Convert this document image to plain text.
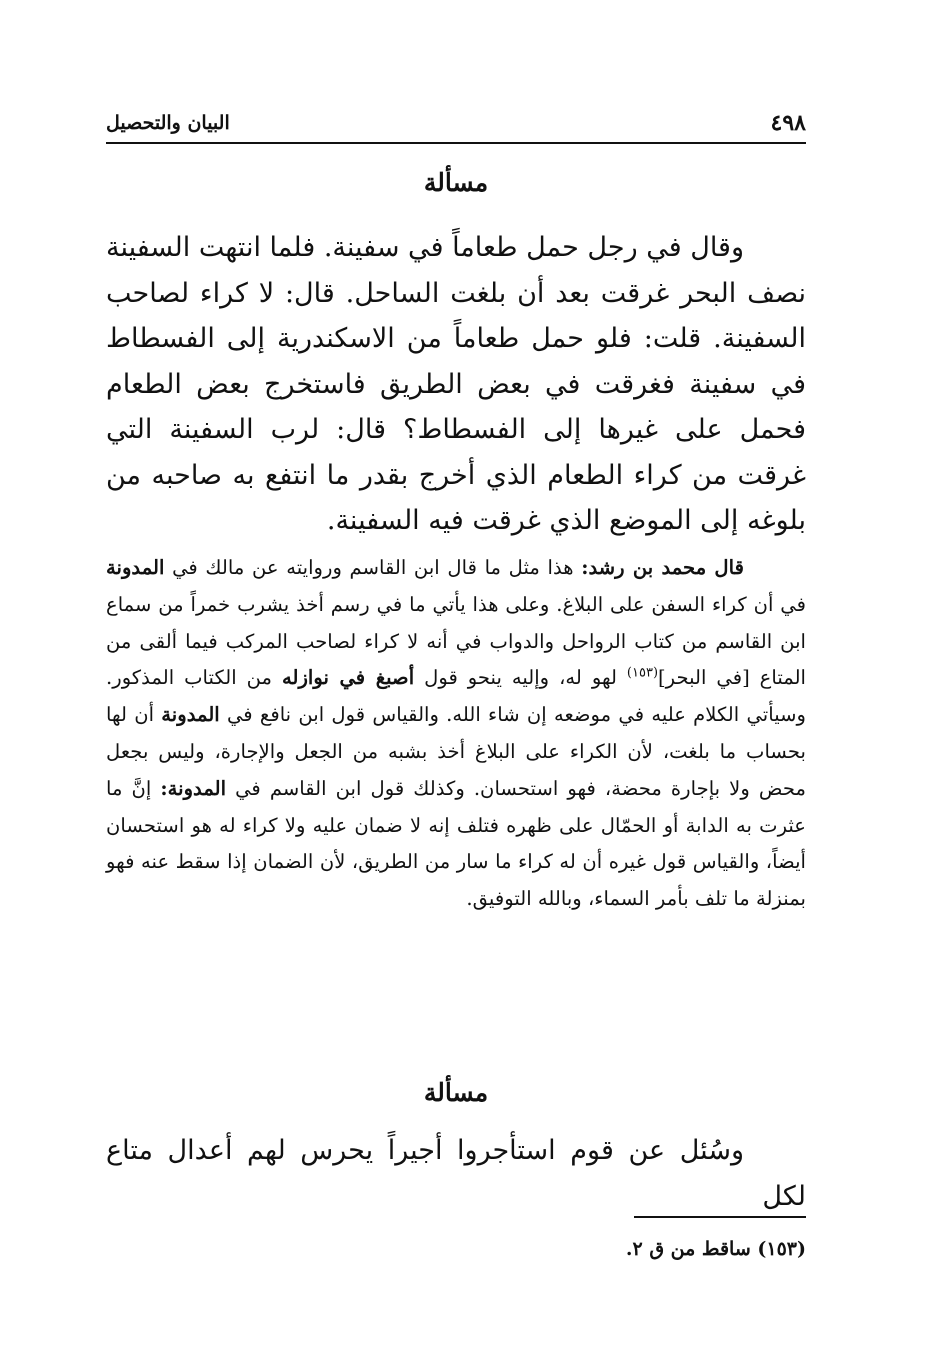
٤٩٨
البيان والتحصيل
مسألة
وقال في رجل حمل طعاماً في سفينة. فلما انتهت السفينة نصف البحر غرقت بعد أن بلغت الساحل. قال: لا كراء لصاحب السفينة. قلت: فلو حمل طعاماً من الاسكندرية إلى الفسطاط في سفينة فغرقت في بعض الطريق فاستخرج بعض الطعام فحمل على غيرها إلى الفسطاط؟ قال: لرب السفينة التي غرقت من كراء الطعام الذي أخرج بقدر ما انتفع به صاحبه من بلوغه إلى الموضع الذي غرقت فيه السفينة.
قال محمد بن رشد: هذا مثل ما قال ابن القاسم وروايته عن مالك في المدونة في أن كراء السفن على البلاغ. وعلى هذا يأتي ما في رسم أخذ يشرب خمراً من سماع ابن القاسم من كتاب الرواحل والدواب في أنه لا كراء لصاحب المركب فيما ألقى من المتاع [في البحر]$^{(١٥٣)}$ لهو له، وإليه ينحو قول أصبغ في نوازله من الكتاب المذكور. وسيأتي الكلام عليه في موضعه إن شاء الله. والقياس قول ابن نافع في المدونة أن لها بحساب ما بلغت، لأن الكراء على البلاغ أخذ بشبه من الجعل والإجارة، وليس بجعل محض ولا بإجارة محضة، فهو استحسان. وكذلك قول ابن القاسم في المدونة: إنَّ ما عثرت به الدابة أو الحمّال على ظهره فتلف إنه لا ضمان عليه ولا كراء له هو استحسان أيضاً، والقياس قول غيره أن له كراء ما سار من الطريق، لأن الضمان إذا سقط عنه فهو بمنزلة ما تلف بأمر السماء، وبالله التوفيق.
مسألة
وسُئل عن قوم استأجروا أجيراً يحرس لهم أعدال متاع لكل
(١٥٣) ساقط من ق ٢.
